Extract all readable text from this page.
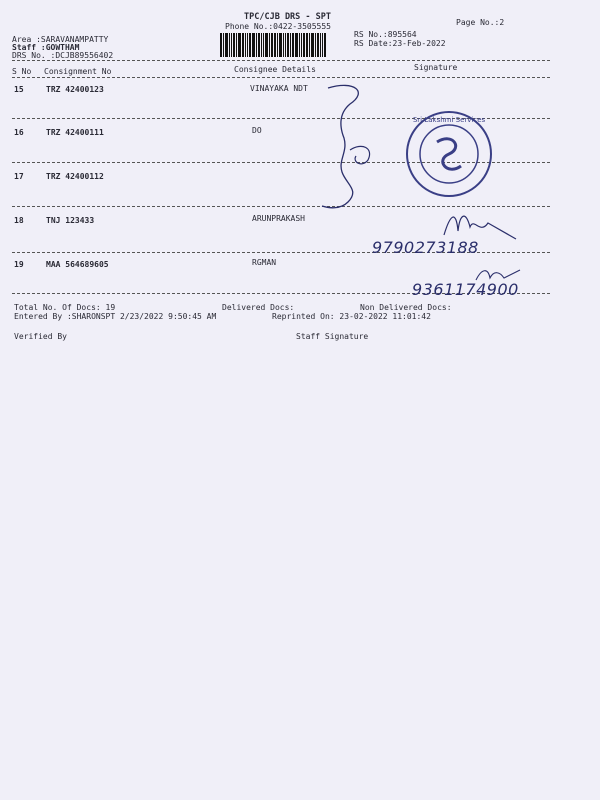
TPC/CJB DRS - SPT
Phone No.:0422-3505555	Page No.:2
Area :SARAVANAMPATTY
Staff :GOWTHAM
DRS No. :DCJB89556402
RS No.:895564
RS Date:23-Feb-2022
S No Consignment No	Consignee Details	Signature
15	TRZ 42400123	VINAYAKA NDT
16	TRZ 42400111	DO
17	TRZ 42400112
18	TNJ 123433	ARUNPRAKASH
19	MAA 564689605	RGMAN
Sri Lakshmi Services
9790273188
9361174900
Total No. Of Docs: 19	Delivered Docs:	Non Delivered Docs:
Entered By :SHARONSPT 2/23/2022 9:50:45 AM	Reprinted On: 23-02-2022 11:01:42
Verified By	Staff Signature
